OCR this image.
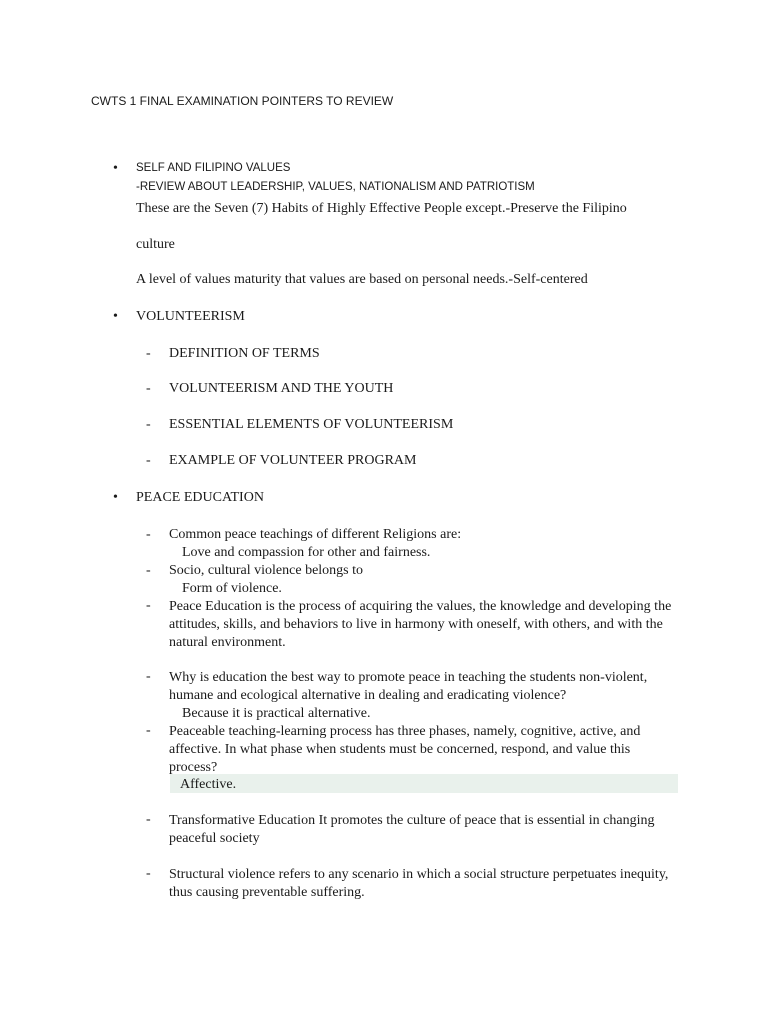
CWTS 1 FINAL EXAMINATION POINTERS TO REVIEW
• SELF AND FILIPINO VALUES
-REVIEW ABOUT LEADERSHIP, VALUES, NATIONALISM AND PATRIOTISM
These are the Seven (7) Habits of Highly Effective People except.-Preserve the Filipino
culture
A level of values maturity that values are based on personal needs.-Self-centered
• VOLUNTEERISM
- DEFINITION OF TERMS
- VOLUNTEERISM AND THE YOUTH
- ESSENTIAL ELEMENTS OF VOLUNTEERISM
- EXAMPLE OF VOLUNTEER PROGRAM
• PEACE EDUCATION
- Common peace teachings of different Religions are:
Love and compassion for other and fairness.
- Socio, cultural violence belongs to
Form of violence.
- Peace Education is the process of acquiring the values, the knowledge and developing the attitudes, skills, and behaviors to live in harmony with oneself, with others, and with the natural environment.
- Why is education the best way to promote peace in teaching the students non-violent, humane and ecological alternative in dealing and eradicating violence?
Because it is practical alternative.
- Peaceable teaching-learning process has three phases, namely, cognitive, active, and affective. In what phase when students must be concerned, respond, and value this process?
Affective.
- Transformative Education It promotes the culture of peace that is essential in changing peaceful society
- Structural violence refers to any scenario in which a social structure perpetuates inequity, thus causing preventable suffering.
